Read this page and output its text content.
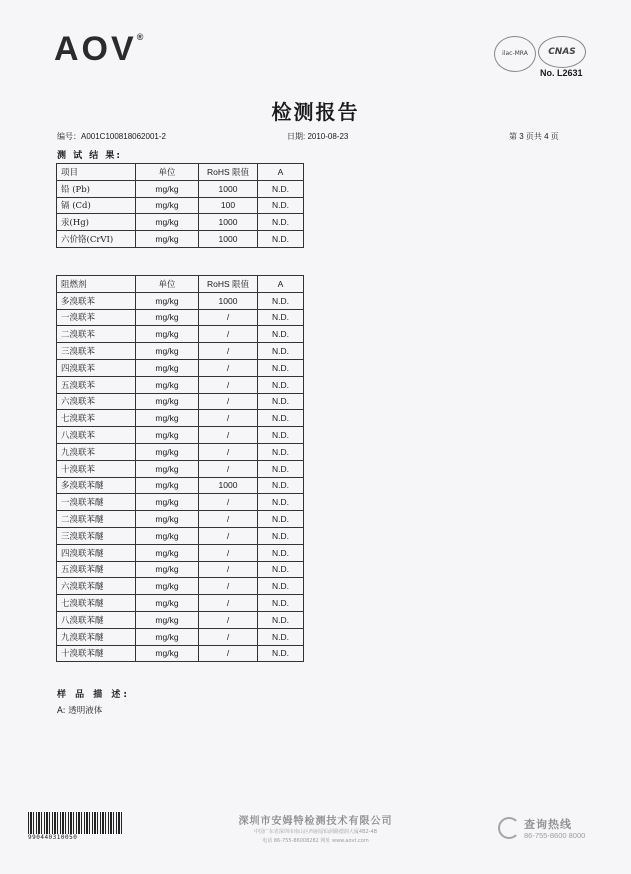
AOV®
ilac-MRA	CNAS
No. L2631
检测报告
编号：A001C100818062001-2	日期: 2010-08-23	第 3 页共 4 页
测 试 结 果:
项目	单位	RoHS 限值	A
铅 (Pb)	mg/kg	1000	N.D.
镉 (Cd)	mg/kg	100	N.D.
汞(Hg)	mg/kg	1000	N.D.
六价铬(CrVI)	mg/kg	1000	N.D.
阻燃剂	单位	RoHS 限值	A
多溴联苯	mg/kg	1000	N.D.
一溴联苯	mg/kg	/	N.D.
二溴联苯	mg/kg	/	N.D.
三溴联苯	mg/kg	/	N.D.
四溴联苯	mg/kg	/	N.D.
五溴联苯	mg/kg	/	N.D.
六溴联苯	mg/kg	/	N.D.
七溴联苯	mg/kg	/	N.D.
八溴联苯	mg/kg	/	N.D.
九溴联苯	mg/kg	/	N.D.
十溴联苯	mg/kg	/	N.D.
多溴联苯醚	mg/kg	1000	N.D.
一溴联苯醚	mg/kg	/	N.D.
二溴联苯醚	mg/kg	/	N.D.
三溴联苯醚	mg/kg	/	N.D.
四溴联苯醚	mg/kg	/	N.D.
五溴联苯醚	mg/kg	/	N.D.
六溴联苯醚	mg/kg	/	N.D.
七溴联苯醚	mg/kg	/	N.D.
八溴联苯醚	mg/kg	/	N.D.
九溴联苯醚	mg/kg	/	N.D.
十溴联苯醚	mg/kg	/	N.D.
样 品 描 述:
A: 透明液体
990440310050
深圳市安姆特检测技术有限公司
中国广东省深圳市南山区西丽留仙洞路德润大厦4B2-4B
电话 86-755-86008282 网址 www.aovt.com
查询热线
86-755-8600 8000
